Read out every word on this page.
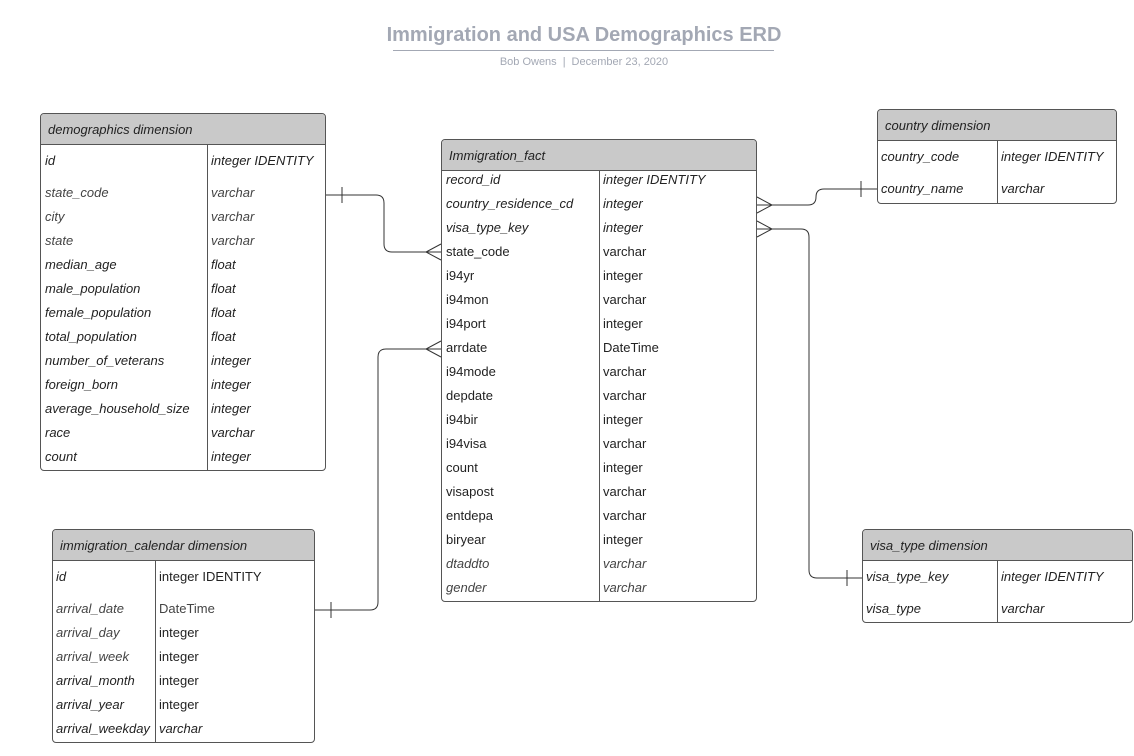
Immigration and USA Demographics ERD
Bob Owens | December 23, 2020
demographics dimension
id	integer IDENTITY
state_code	varchar
city	varchar
state	varchar
median_age	float
male_population	float
female_population	float
total_population	float
number_of_veterans	integer
foreign_born	integer
average_household_size integer
race	varchar
count	integer
Immigration_fact
record_id	integer IDENTITY
country_residence_cd integer
visa_type_key	integer
state_code	varchar
i94yr	integer
i94mon	varchar
i94port	integer
arrdate	DateTime
i94mode	varchar
depdate	varchar
i94bir	integer
i94visa	varchar
count	integer
visapost	varchar
entdepa	varchar
biryear	integer
dtaddto	varchar
gender	varchar
country dimension
country_code	integer IDENTITY
country_name	varchar
immigration_calendar dimension
id	integer IDENTITY
arrival_date	DateTime
arrival_day	integer
arrival_week integer
arrival_month integer
arrival_year	integer
arrival_weekday varchar
visa_type dimension
visa_type_key	integer IDENTITY
visa_type	varchar
